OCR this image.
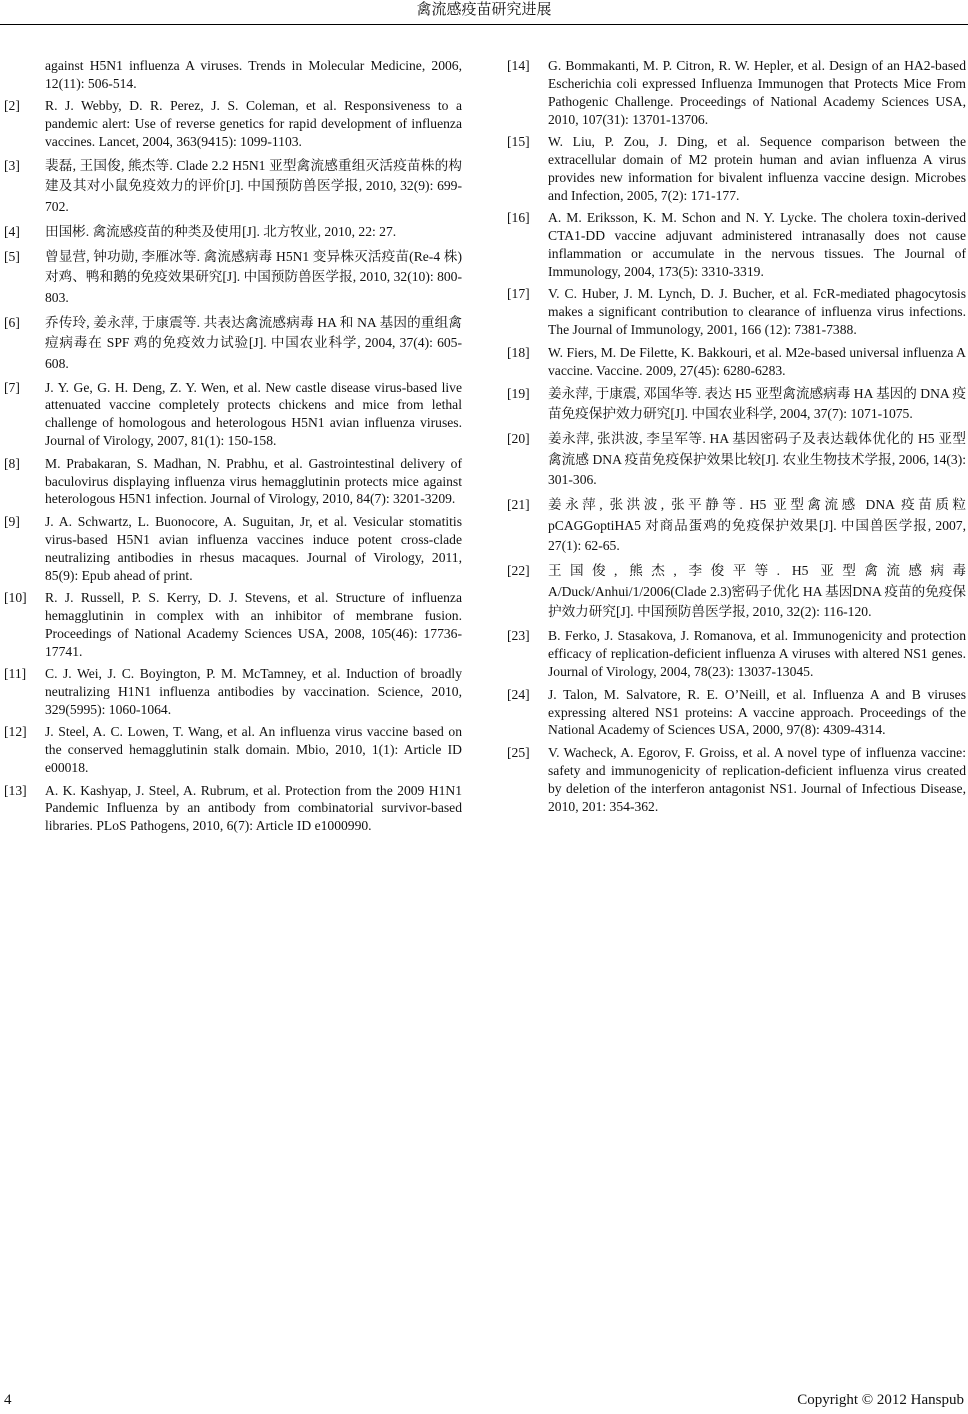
禽流感疫苗研究进展
against H5N1 influenza A viruses. Trends in Molecular Medicine, 2006, 12(11): 506-514.
[2] R. J. Webby, D. R. Perez, J. S. Coleman, et al. Responsiveness to a pandemic alert: Use of reverse genetics for rapid development of influenza vaccines. Lancet, 2004, 363(9415): 1099-1103.
[3] 裴磊, 王国俊, 熊杰等. Clade 2.2 H5N1 亚型禽流感重组灭活疫苗株的构建及其对小鼠免疫效力的评价[J]. 中国预防兽医学报, 2010, 32(9): 699-702.
[4] 田国彬. 禽流感疫苗的种类及使用[J]. 北方牧业, 2010, 22: 27.
[5] 曾显营, 钟功勋, 李雁冰等. 禽流感病毒 H5N1 变异株灭活疫苗(Re-4 株)对鸡、鸭和鹅的免疫效果研究[J]. 中国预防兽医学报, 2010, 32(10): 800-803.
[6] 乔传玲, 姜永萍, 于康震等. 共表达禽流感病毒 HA 和 NA 基因的重组禽痘病毒在 SPF 鸡的免疫效力试验[J]. 中国农业科学, 2004, 37(4): 605-608.
[7] J. Y. Ge, G. H. Deng, Z. Y. Wen, et al. New castle disease virus-based live attenuated vaccine completely protects chickens and mice from lethal challenge of homologous and heterologous H5N1 avian influenza viruses. Journal of Virology, 2007, 81(1): 150-158.
[8] M. Prabakaran, S. Madhan, N. Prabhu, et al. Gastrointestinal delivery of baculovirus displaying influenza virus hemagglutinin protects mice against heterologous H5N1 infection. Journal of Virology, 2010, 84(7): 3201-3209.
[9] J. A. Schwartz, L. Buonocore, A. Suguitan, Jr, et al. Vesicular stomatitis virus-based H5N1 avian influenza vaccines induce potent cross-clade neutralizing antibodies in rhesus macaques. Journal of Virology, 2011, 85(9): Epub ahead of print.
[10] R. J. Russell, P. S. Kerry, D. J. Stevens, et al. Structure of influenza hemagglutinin in complex with an inhibitor of membrane fusion. Proceedings of National Academy Sciences USA, 2008, 105(46): 17736-17741.
[11] C. J. Wei, J. C. Boyington, P. M. McTamney, et al. Induction of broadly neutralizing H1N1 influenza antibodies by vaccination. Science, 2010, 329(5995): 1060-1064.
[12] J. Steel, A. C. Lowen, T. Wang, et al. An influenza virus vaccine based on the conserved hemagglutinin stalk domain. Mbio, 2010, 1(1): Article ID e00018.
[13] A. K. Kashyap, J. Steel, A. Rubrum, et al. Protection from the 2009 H1N1 Pandemic Influenza by an antibody from combinatorial survivor-based libraries. PLoS Pathogens, 2010, 6(7): Article ID e1000990.
[14] G. Bommakanti, M. P. Citron, R. W. Hepler, et al. Design of an HA2-based Escherichia coli expressed Influenza Immunogen that Protects Mice From Pathogenic Challenge. Proceedings of National Academy Sciences USA, 2010, 107(31): 13701-13706.
[15] W. Liu, P. Zou, J. Ding, et al. Sequence comparison between the extracellular domain of M2 protein human and avian influenza A virus provides new information for bivalent influenza vaccine design. Microbes and Infection, 2005, 7(2): 171-177.
[16] A. M. Eriksson, K. M. Schon and N. Y. Lycke. The cholera toxin-derived CTA1-DD vaccine adjuvant administered intranasally does not cause inflammation or accumulate in the nervous tissues. The Journal of Immunology, 2004, 173(5): 3310-3319.
[17] V. C. Huber, J. M. Lynch, D. J. Bucher, et al. FcR-mediated phagocytosis makes a significant contribution to clearance of influenza virus infections. The Journal of Immunology, 2001, 166 (12): 7381-7388.
[18] W. Fiers, M. De Filette, K. Bakkouri, et al. M2e-based universal influenza A vaccine. Vaccine. 2009, 27(45): 6280-6283.
[19] 姜永萍, 于康震, 邓国华等. 表达 H5 亚型禽流感病毒 HA 基因的 DNA 疫苗免疫保护效力研究[J]. 中国农业科学, 2004, 37(7): 1071-1075.
[20] 姜永萍, 张洪波, 李呈军等. HA 基因密码子及表达载体优化的 H5 亚型禽流感 DNA 疫苗免疫保护效果比较[J]. 农业生物技术学报, 2006, 14(3): 301-306.
[21] 姜永萍, 张洪波, 张平静等. H5 亚型禽流感 DNA 疫苗质粒 pCAGGoptiHA5 对商品蛋鸡的免疫保护效果[J]. 中国兽医学报, 2007, 27(1): 62-65.
[22] 王国俊, 熊杰, 李俊平等. H5 亚型禽流感病毒 A/Duck/Anhui/1/2006(Clade 2.3)密码子优化 HA 基因DNA 疫苗的免疫保护效力研究[J]. 中国预防兽医学报, 2010, 32(2): 116-120.
[23] B. Ferko, J. Stasakova, J. Romanova, et al. Immunogenicity and protection efficacy of replication-deficient influenza A viruses with altered NS1 genes. Journal of Virology, 2004, 78(23): 13037-13045.
[24] J. Talon, M. Salvatore, R. E. O’Neill, et al. Influenza A and B viruses expressing altered NS1 proteins: A vaccine approach. Proceedings of the National Academy of Sciences USA, 2000, 97(8): 4309-4314.
[25] V. Wacheck, A. Egorov, F. Groiss, et al. A novel type of influenza vaccine: safety and immunogenicity of replication-deficient influenza virus created by deletion of the interferon antagonist NS1. Journal of Infectious Disease, 2010, 201: 354-362.
4	Copyright © 2012 Hanspub
